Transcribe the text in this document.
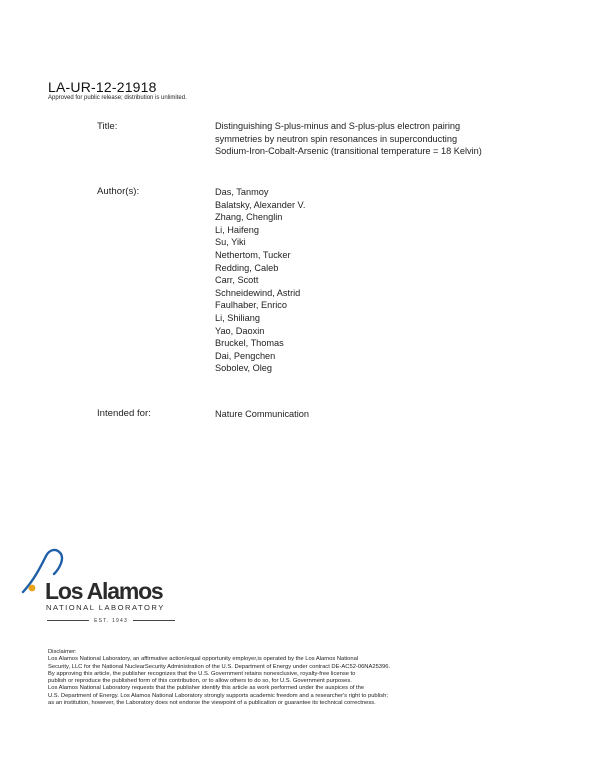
LA-UR-12-21918
Approved for public release; distribution is unlimited.
Title:	Distinguishing S-plus-minus and S-plus-plus electron pairing
symmetries by neutron spin resonances in superconducting
Sodium-Iron-Cobalt-Arsenic (transitional temperature = 18 Kelvin)
Author(s):	Das, Tanmoy
Balatsky, Alexander V.
Zhang, Chenglin
Li, Haifeng
Su, Yiki
Nethertom, Tucker
Redding, Caleb
Carr, Scott
Schneidewind, Astrid
Faulhaber, Enrico
Li, Shiliang
Yao, Daoxin
Bruckel, Thomas
Dai, Pengchen
Sobolev, Oleg
Intended for:	Nature Communication
Los Alamos
NATIONAL LABORATORY
EST. 1943
Disclaimer:
Los Alamos National Laboratory, an affirmative action/equal opportunity employer,is operated by the Los Alamos National
Security, LLC for the National NuclearSecurity Administration of the U.S. Department of Energy under contract DE-AC52-06NA25396.
By approving this article, the publisher recognizes that the U.S. Government retains nonexclusive, royalty-free license to
publish or reproduce the published form of this contribution, or to allow others to do so, for U.S. Government purposes.
Los Alamos National Laboratory requests that the publisher identify this article as work performed under the auspices of the
U.S. Department of Energy. Los Alamos National Laboratory strongly supports academic freedom and a researcher's right to publish;
as an institution, however, the Laboratory does not endorse the viewpoint of a publication or guarantee its technical correctness.
